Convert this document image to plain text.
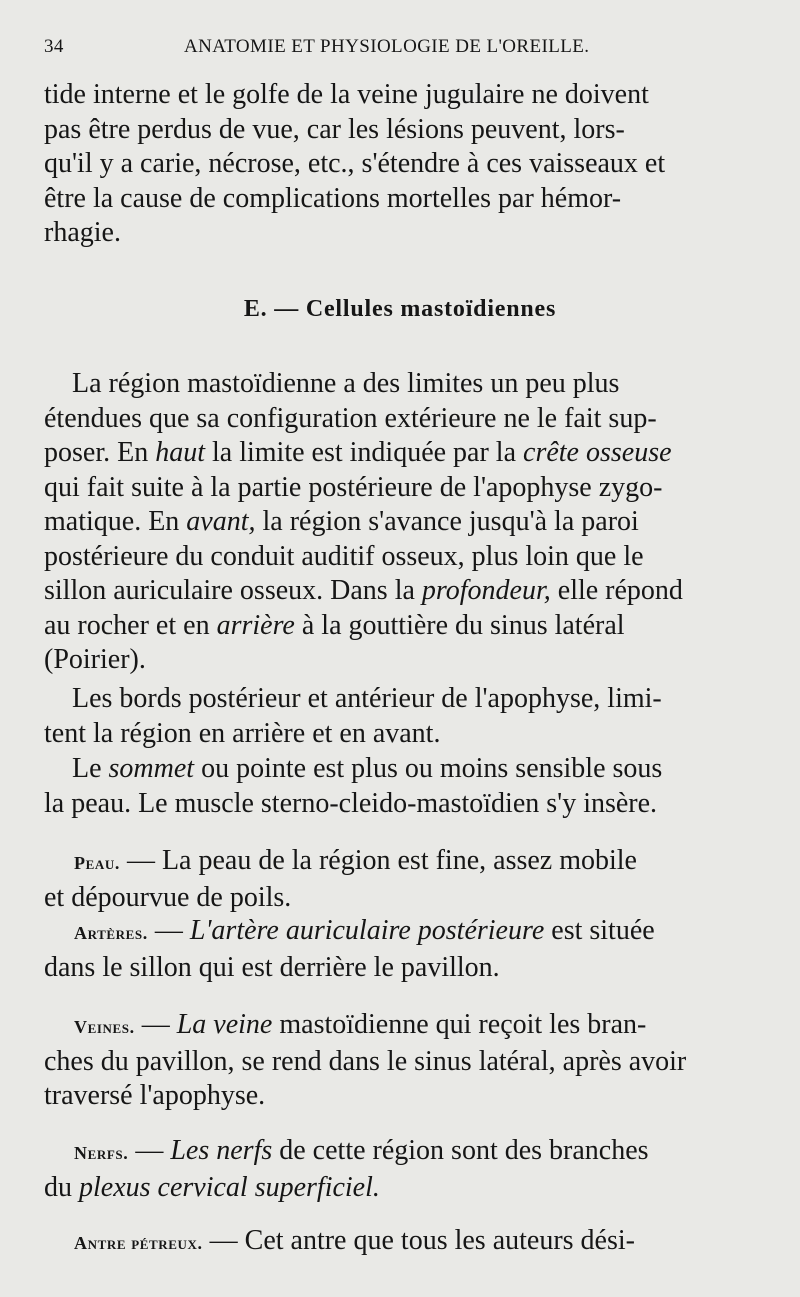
34	ANATOMIE ET PHYSIOLOGIE DE L'OREILLE.
tide interne et le golfe de la veine jugulaire ne doivent
pas être perdus de vue, car les lésions peuvent, lors-
qu'il y a carie, nécrose, etc., s'étendre à ces vaisseaux et
être la cause de complications mortelles par hémor-
rhagie.
E. — Cellules mastoïdiennes
La région mastoïdienne a des limites un peu plus
étendues que sa configuration extérieure ne le fait sup-
poser. En haut la limite est indiquée par la crête osseuse
qui fait suite à la partie postérieure de l'apophyse zygo-
matique. En avant, la région s'avance jusqu'à la paroi
postérieure du conduit auditif osseux, plus loin que le
sillon auriculaire osseux. Dans la profondeur, elle répond
au rocher et en arrière à la gouttière du sinus latéral
(Poirier).
Les bords postérieur et antérieur de l'apophyse, limi-
tent la région en arrière et en avant.
Le sommet ou pointe est plus ou moins sensible sous
la peau. Le muscle sterno-cleido-mastoïdien s'y insère.
Peau. — La peau de la région est fine, assez mobile
et dépourvue de poils.
Artères. — L'artère auriculaire postérieure est située
dans le sillon qui est derrière le pavillon.
Veines. — La veine mastoïdienne qui reçoit les bran-
ches du pavillon, se rend dans le sinus latéral, après avoir
traversé l'apophyse.
Nerfs. — Les nerfs de cette région sont des branches
du plexus cervical superficiel.
Antre pétreux. — Cet antre que tous les auteurs dési-
